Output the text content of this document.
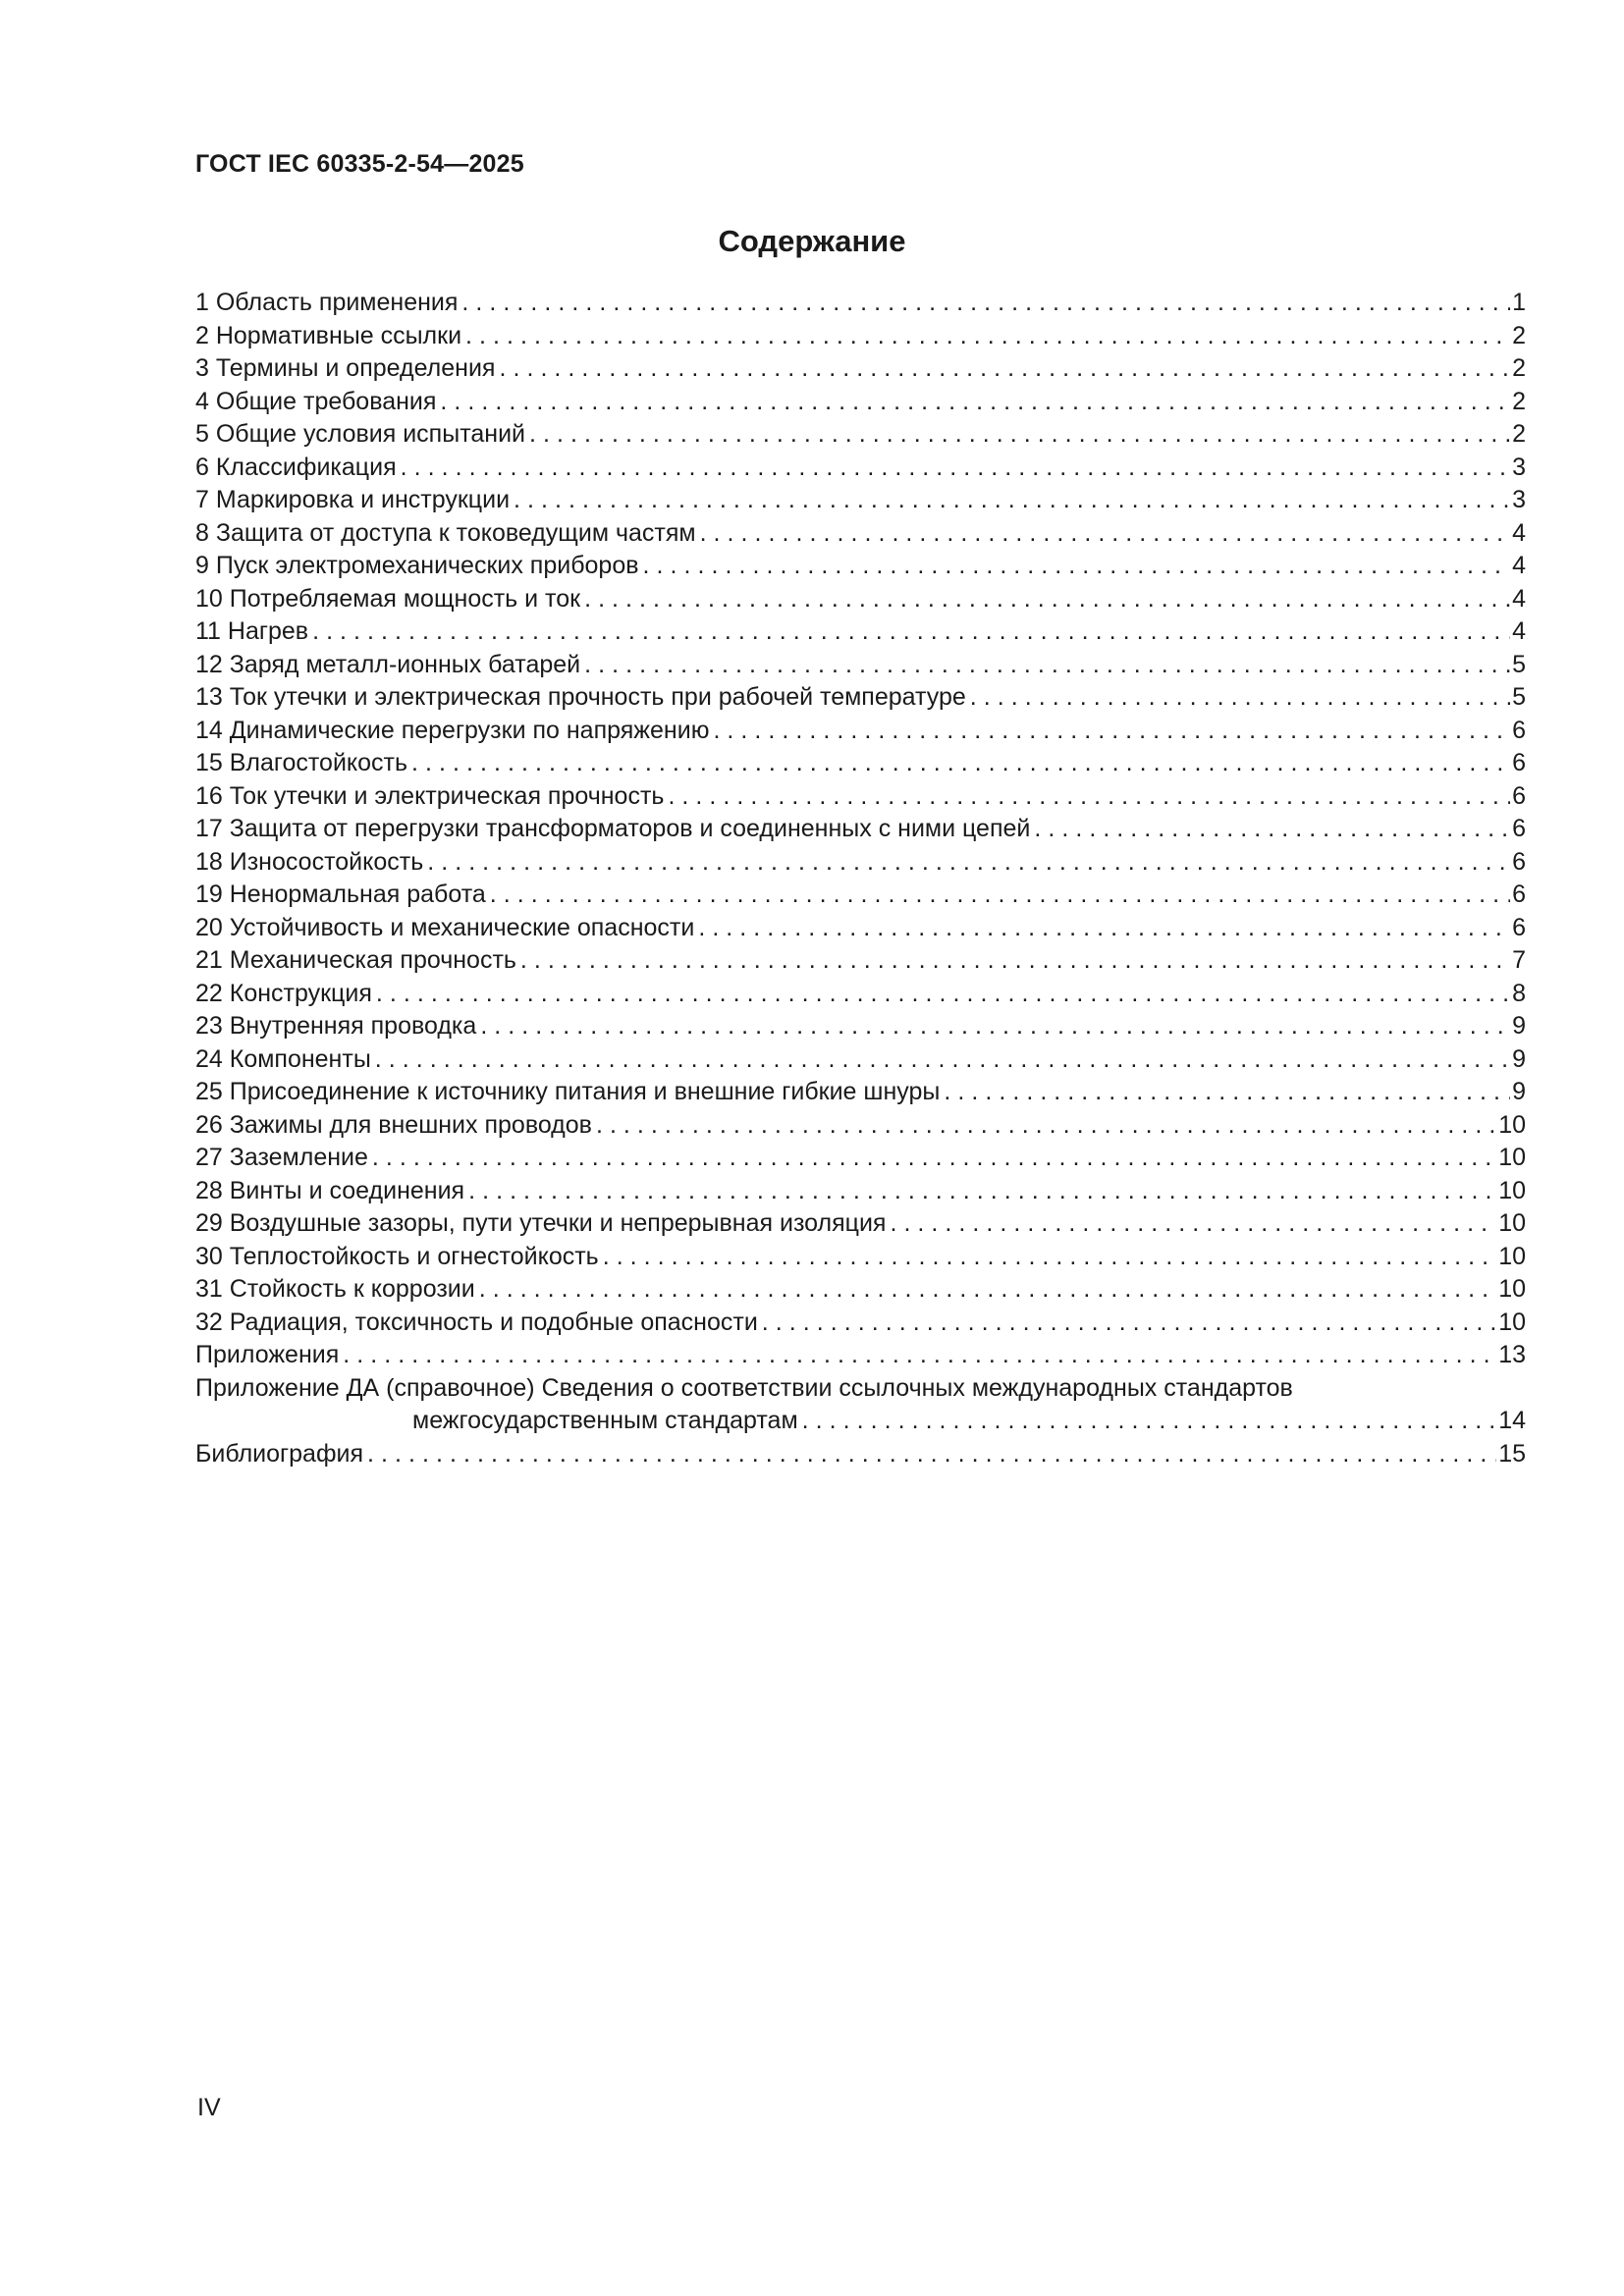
ГОСТ IEC 60335-2-54—2025
Содержание
1 Область применения . . .	1
2 Нормативные ссылки . . .	2
3 Термины и определения . . .	2
4 Общие требования . . .	2
5 Общие условия испытаний . . .	2
6 Классификация . . .	3
7 Маркировка и инструкции . . .	3
8 Защита от доступа к токоведущим частям . . .	4
9 Пуск электромеханических приборов . . .	4
10 Потребляемая мощность и ток . . .	4
11 Нагрев . . .	4
12 Заряд металл-ионных батарей . . .	5
13 Ток утечки и электрическая прочность при рабочей температуре . . .	5
14 Динамические перегрузки по напряжению . . .	6
15 Влагостойкость . . .	6
16 Ток утечки и электрическая прочность . . .	6
17 Защита от перегрузки трансформаторов и соединенных с ними цепей . . .	6
18 Износостойкость . . .	6
19 Ненормальная работа . . .	6
20 Устойчивость и механические опасности . . .	6
21 Механическая прочность . . .	7
22 Конструкция . . .	8
23 Внутренняя проводка . . .	9
24 Компоненты . . .	9
25 Присоединение к источнику питания и внешние гибкие шнуры . . .	9
26 Зажимы для внешних проводов . . .	10
27 Заземление . . .	10
28 Винты и соединения . . .	10
29 Воздушные зазоры, пути утечки и непрерывная изоляция . . .	10
30 Теплостойкость и огнестойкость . . .	10
31 Стойкость к коррозии . . .	10
32 Радиация, токсичность и подобные опасности . . .	10
Приложения . . .	13
Приложение ДА (справочное) Сведения о соответствии ссылочных международных стандартов
межгосударственным стандартам . . .	14
Библиография . . .	15
IV
